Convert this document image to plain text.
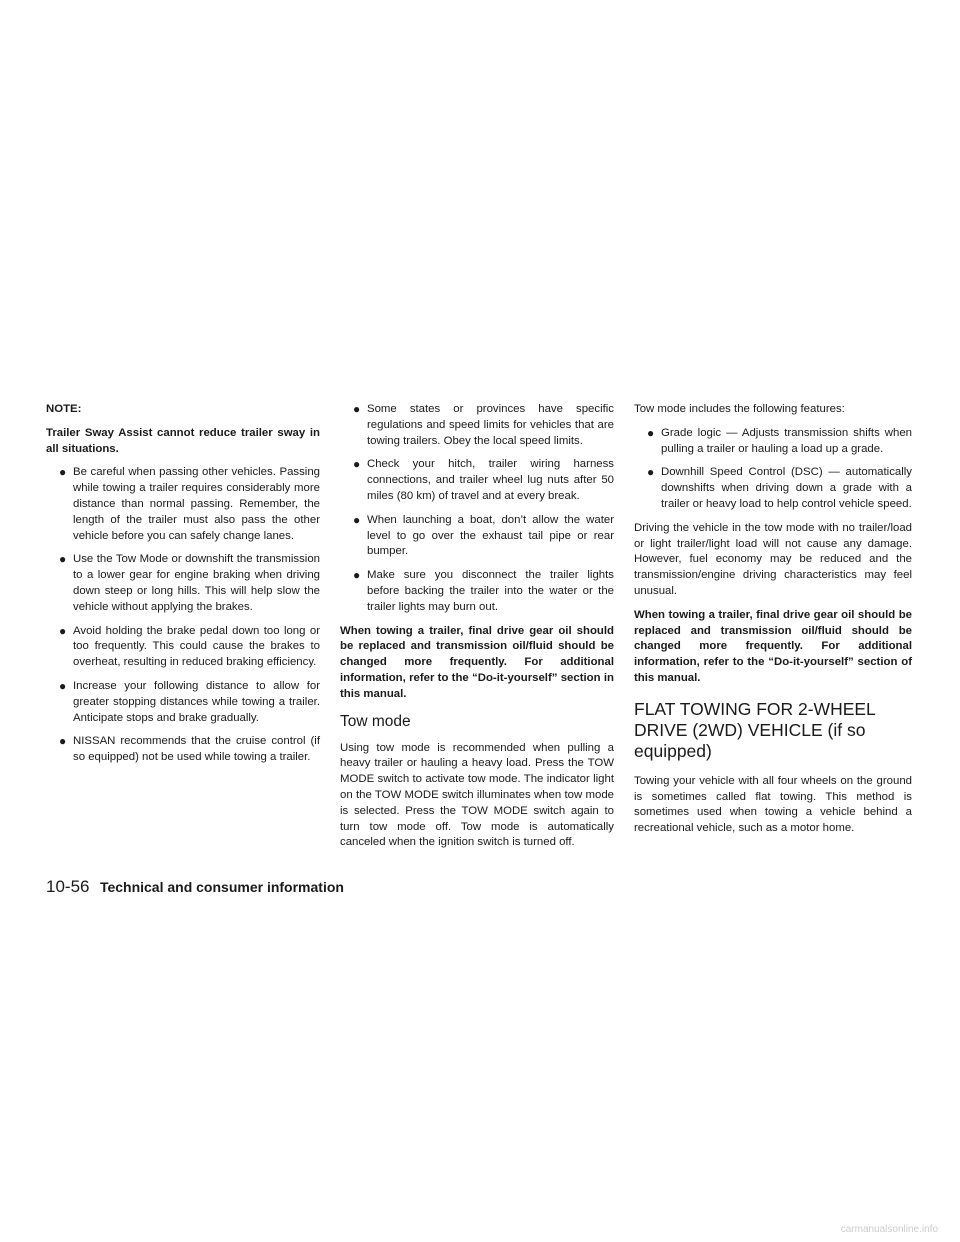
NOTE:

Trailer Sway Assist cannot reduce trailer sway in all situations.

● Be careful when passing other vehicles. Passing while towing a trailer requires considerably more distance than normal passing. Remember, the length of the trailer must also pass the other vehicle before you can safely change lanes.
● Use the Tow Mode or downshift the transmission to a lower gear for engine braking when driving down steep or long hills. This will help slow the vehicle without applying the brakes.
● Avoid holding the brake pedal down too long or too frequently. This could cause the brakes to overheat, resulting in reduced braking efficiency.
● Increase your following distance to allow for greater stopping distances while towing a trailer. Anticipate stops and brake gradually.
● NISSAN recommends that the cruise control (if so equipped) not be used while towing a trailer.
● Some states or provinces have specific regulations and speed limits for vehicles that are towing trailers. Obey the local speed limits.
● Check your hitch, trailer wiring harness connections, and trailer wheel lug nuts after 50 miles (80 km) of travel and at every break.
● When launching a boat, don’t allow the water level to go over the exhaust tail pipe or rear bumper.
● Make sure you disconnect the trailer lights before backing the trailer into the water or the trailer lights may burn out.

When towing a trailer, final drive gear oil should be replaced and transmission oil/fluid should be changed more frequently. For additional information, refer to the “Do-it-yourself” section in this manual.

Tow mode

Using tow mode is recommended when pulling a heavy trailer or hauling a heavy load. Press the TOW MODE switch to activate tow mode. The indicator light on the TOW MODE switch illuminates when tow mode is selected. Press the TOW MODE switch again to turn tow mode off. Tow mode is automatically canceled when the ignition switch is turned off.

Tow mode includes the following features:

● Grade logic — Adjusts transmission shifts when pulling a trailer or hauling a load up a grade.
● Downhill Speed Control (DSC) — automatically downshifts when driving down a grade with a trailer or heavy load to help control vehicle speed.

Driving the vehicle in the tow mode with no trailer/load or light trailer/light load will not cause any damage. However, fuel economy may be reduced and the transmission/engine driving characteristics may feel unusual.

When towing a trailer, final drive gear oil should be replaced and transmission oil/fluid should be changed more frequently. For additional information, refer to the “Do-it-yourself” section of this manual.

FLAT TOWING FOR 2-WHEEL DRIVE (2WD) VEHICLE (if so equipped)

Towing your vehicle with all four wheels on the ground is sometimes called flat towing. This method is sometimes used when towing a vehicle behind a recreational vehicle, such as a motor home.

10-56 Technical and consumer information
carmanualsonline.info
